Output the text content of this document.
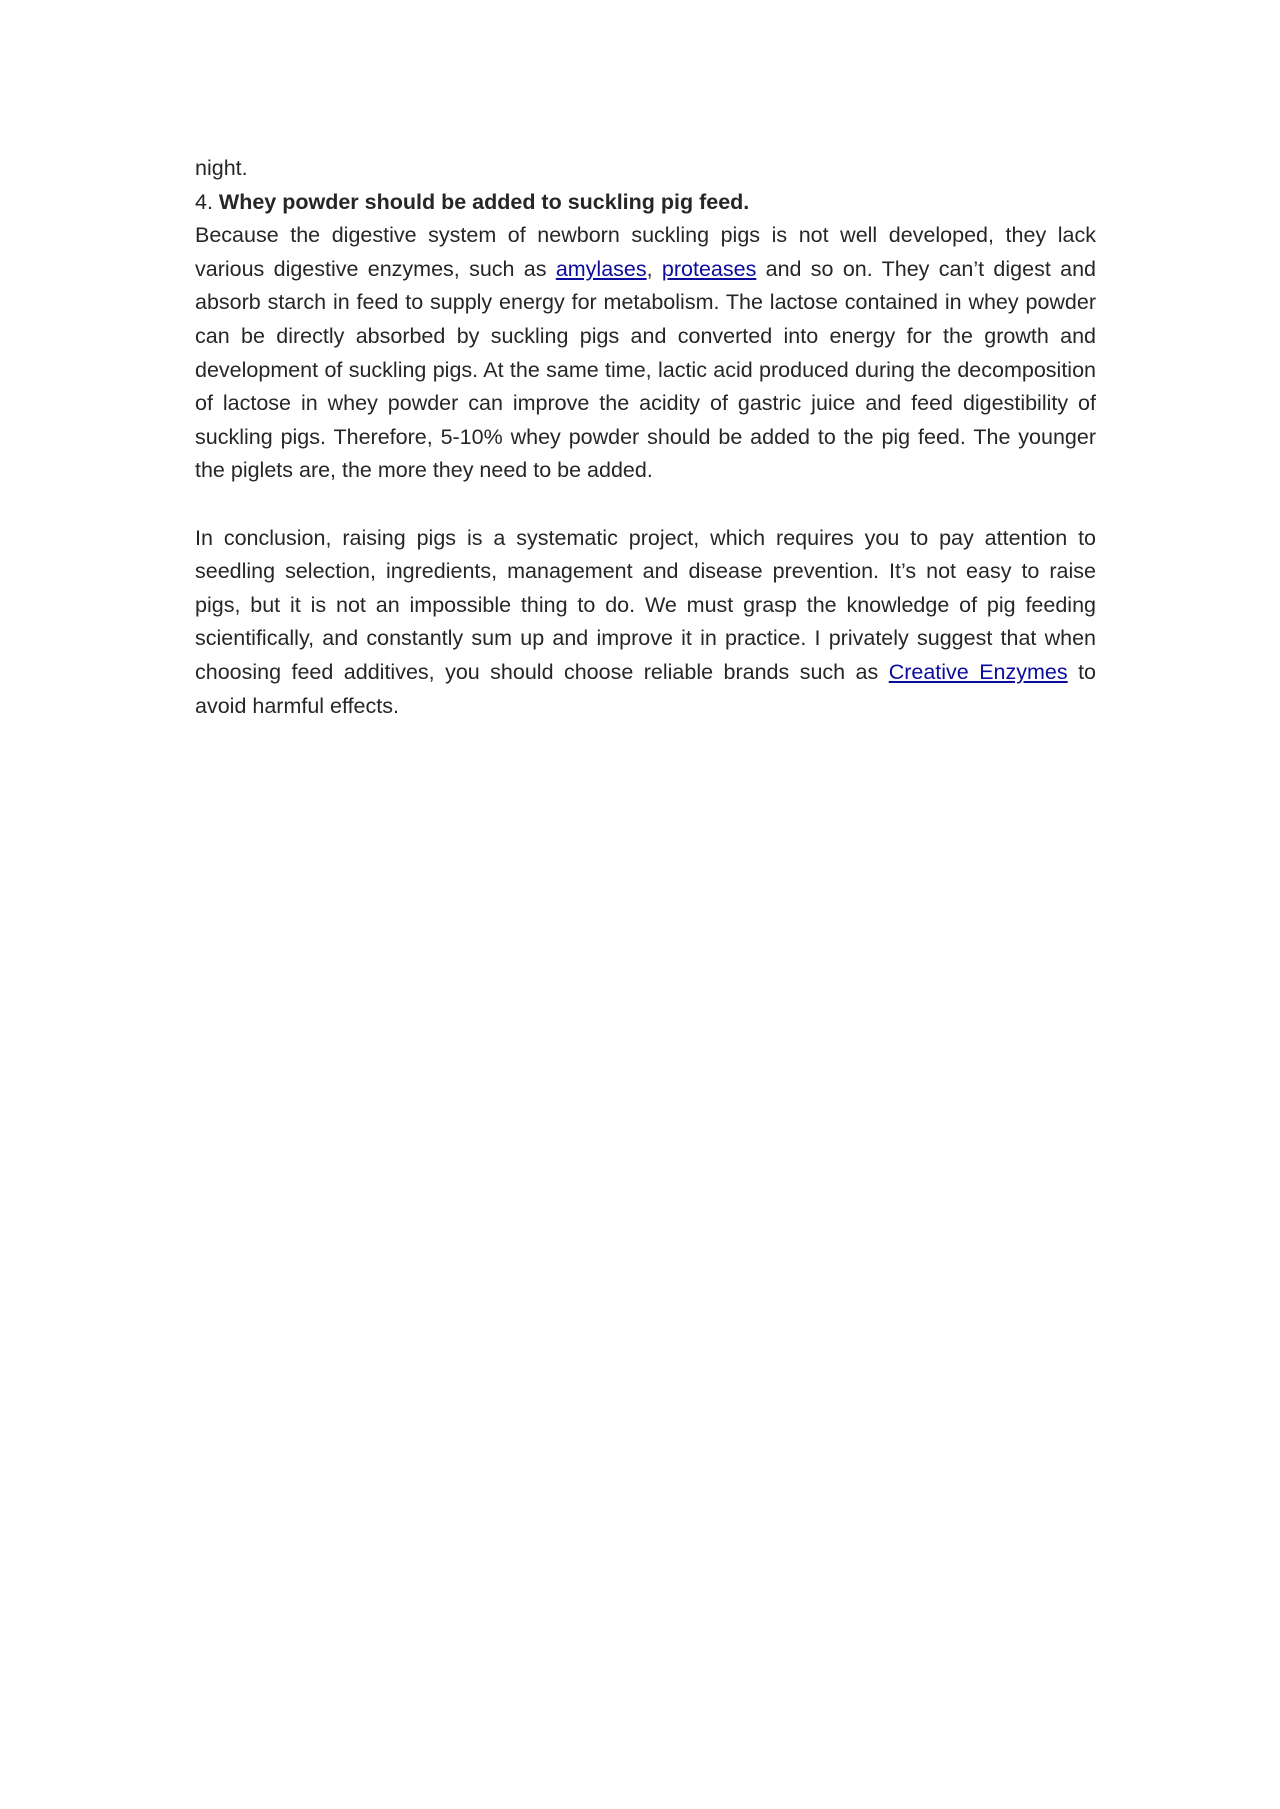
night.

4. Whey powder should be added to suckling pig feed.

Because the digestive system of newborn suckling pigs is not well developed, they lack various digestive enzymes, such as amylases, proteases and so on. They can’t digest and absorb starch in feed to supply energy for metabolism. The lactose contained in whey powder can be directly absorbed by suckling pigs and converted into energy for the growth and development of suckling pigs. At the same time, lactic acid produced during the decomposition of lactose in whey powder can improve the acidity of gastric juice and feed digestibility of suckling pigs. Therefore, 5-10% whey powder should be added to the pig feed. The younger the piglets are, the more they need to be added.

In conclusion, raising pigs is a systematic project, which requires you to pay attention to seedling selection, ingredients, management and disease prevention. It’s not easy to raise pigs, but it is not an impossible thing to do. We must grasp the knowledge of pig feeding scientifically, and constantly sum up and improve it in practice. I privately suggest that when choosing feed additives, you should choose reliable brands such as Creative Enzymes to avoid harmful effects.
